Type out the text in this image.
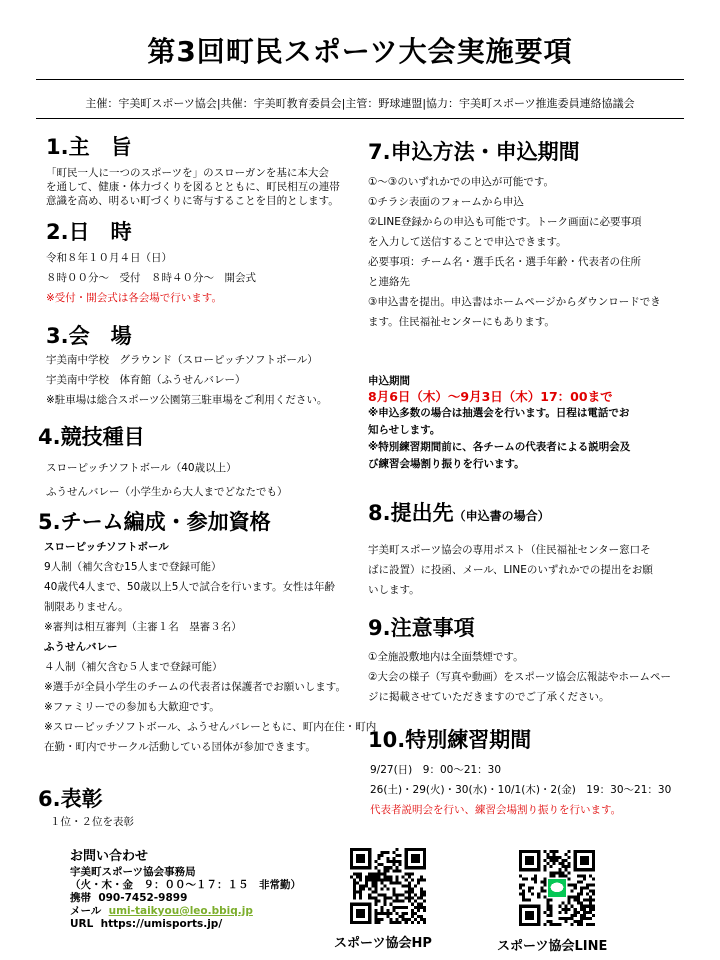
第3回町民スポーツ大会実施要項
主催：宇美町スポーツ協会|共催：宇美町教育委員会|主管：野球連盟|協力：宇美町スポーツ推進委員連絡協議会
1.主　旨
「町民一人に一つのスポーツを」のスローガンを基に本大会
を通して、健康・体力づくりを図るとともに、町民相互の連帯
意識を高め、明るい町づくりに寄与することを目的とします。
2.日　時
令和８年１０月４日（日）
８時００分～　受付　８時４０分～　開会式
※受付・開会式は各会場で行います。
3.会　場
宇美南中学校　グラウンド（スローピッチソフトボール）
宇美南中学校　体育館（ふうせんバレー）
※駐車場は総合スポーツ公園第三駐車場をご利用ください。
4.競技種目
スローピッチソフトボール（40歳以上）
ふうせんバレー（小学生から大人までどなたでも）
5.チーム編成・参加資格
スローピッチソフトボール
9人制（補欠含む15人まで登録可能）
40歳代4人まで、50歳以上5人で試合を行います。女性は年齢
制限ありません。
※審判は相互審判（主審１名　塁審３名）
ふうせんバレー
４人制（補欠含む５人まで登録可能）
※選手が全員小学生のチームの代表者は保護者でお願いします。
※ファミリーでの参加も大歓迎です。
※スローピッチソフトボール、ふうせんバレーともに、町内在住・町内
在勤・町内でサークル活動している団体が参加できます。
6.表彰
１位・２位を表彰
7.申込方法・申込期間
①～③のいずれかでの申込が可能です。
①チラシ表面のフォームから申込
②LINE登録からの申込も可能です。トーク画面に必要事項
を入力して送信することで申込できます。
必要事項：チーム名・選手氏名・選手年齢・代表者の住所
と連絡先
③申込書を提出。申込書はホームページからダウンロードでき
ます。住民福祉センターにもあります。
申込期間
8月6日（木）～9月3日（木）17：00まで
※申込多数の場合は抽選会を行います。日程は電話でお
知らせします。
※特別練習期間前に、各チームの代表者による説明会及
び練習会場割り振りを行います。
8.提出先（申込書の場合）
宇美町スポーツ協会の専用ポスト（住民福祉センター窓口そ
ばに設置）に投函、メール、LINEのいずれかでの提出をお願
いします。
9.注意事項
①全施設敷地内は全面禁煙です。
②大会の様子（写真や動画）をスポーツ協会広報誌やホームペー
ジに掲載させていただきますのでご了承ください。
10.特別練習期間
9/27(日)　9：00～21：30
26(土)・29(火)・30(水)・10/1(木)・2(金)　19：30～21：30
代表者説明会を行い、練習会場割り振りを行います。
お問い合わせ
宇美町スポーツ協会事務局
（火・木・金　９：００～１７：１５　非常勤）
携帯 090-7452-9899
メール umi-taikyou@leo.bbiq.jp
URL https://umisports.jp/
スポーツ協会HP	スポーツ協会LINE
